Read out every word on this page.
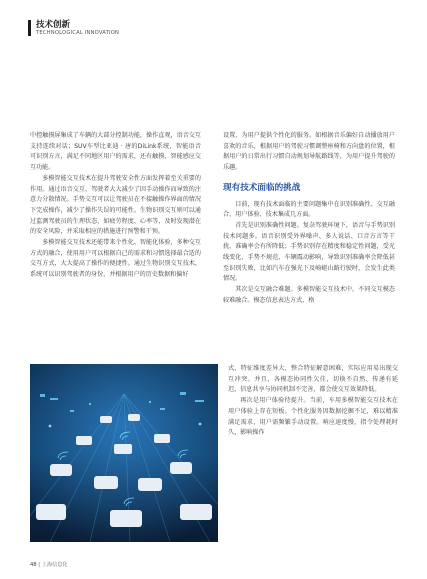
技术创新
TECHNOLOGICAL INNOVATION

中控触摸屏集成了车辆的大部分控制功能，操作直观，语音交互支持连续对话；SUV车型比亚迪 · 唐的DiLink系统，智能语音可识别方言，满足不同地区用户的需求，还有触摸、智能感应交互功能。

多模智能交互技术在提升驾驶安全性方面发挥着至关重要的作用。通过语音交互，驾驶者大大减少了因手动操作而导致的注意力分散情况。手势交互可以让驾驶员在不接触操作界面的情况下完成操作，减少了操作失误的可能性。生物识别交互则可以通过监测驾驶员的生理状态，如疲劳程度、心率等，及时发现潜在的安全风险，并采取相应的措施进行预警和干预。

多模智能交互技术还能带来个性化、智能化体验，多种交互方式的融合，使用用户可以根据自己的需求和习惯选择最合适的交互方式，大大提高了操作的便捷性。通过生物识别交互技术，系统可以识别驾驶者的身份，并根据用户的历史数据和偏好

设置，为用户提供个性化的服务。如根据音乐偏好自动播放用户喜欢的音乐，根据用户的驾驶习惯调整座椅和方向盘的位置，根据用户的日常出行习惯自动规划导航路线等，为用户提升驾驶的乐趣。

现有技术面临的挑战

目前，现有技术面临的主要问题集中在识别准确性、交互融合、用户体验、技术集成几方面。

首先是识别准确性问题。复杂驾驶环境下，语音与手势识别技术问题多。语音识别受外界噪声、多人说话、口音方言等干扰，准确率会有所降低；手势识别存在精度和稳定性问题，受光线变化、手势不规范、车辆震动影响，导致识别准确率会降低甚至识别失败，比如汽车在强光下及崎岖山路行驶时，会发生此类情况。

其次是交互融合难题。多模智能交互技术中，不同交互模态较难融合。模态信息表达方式、格

式、特征维度差异大，整合特征解意困难，实际应用易出现交互冲突。并且，各模态协同性欠佳，切换不自然、传递有延迟，信息共享与协同机制不完善，都会使交互效果降低。

再次是用户体验待提升。当前，车用多模智能交互技术在用户体验上存在短板。个性化服务因数据挖掘不足，难以精准满足需求，用户需频繁手动设置。响应速度慢，指令处理耗时久，影响操作

48 | 上海信息化
